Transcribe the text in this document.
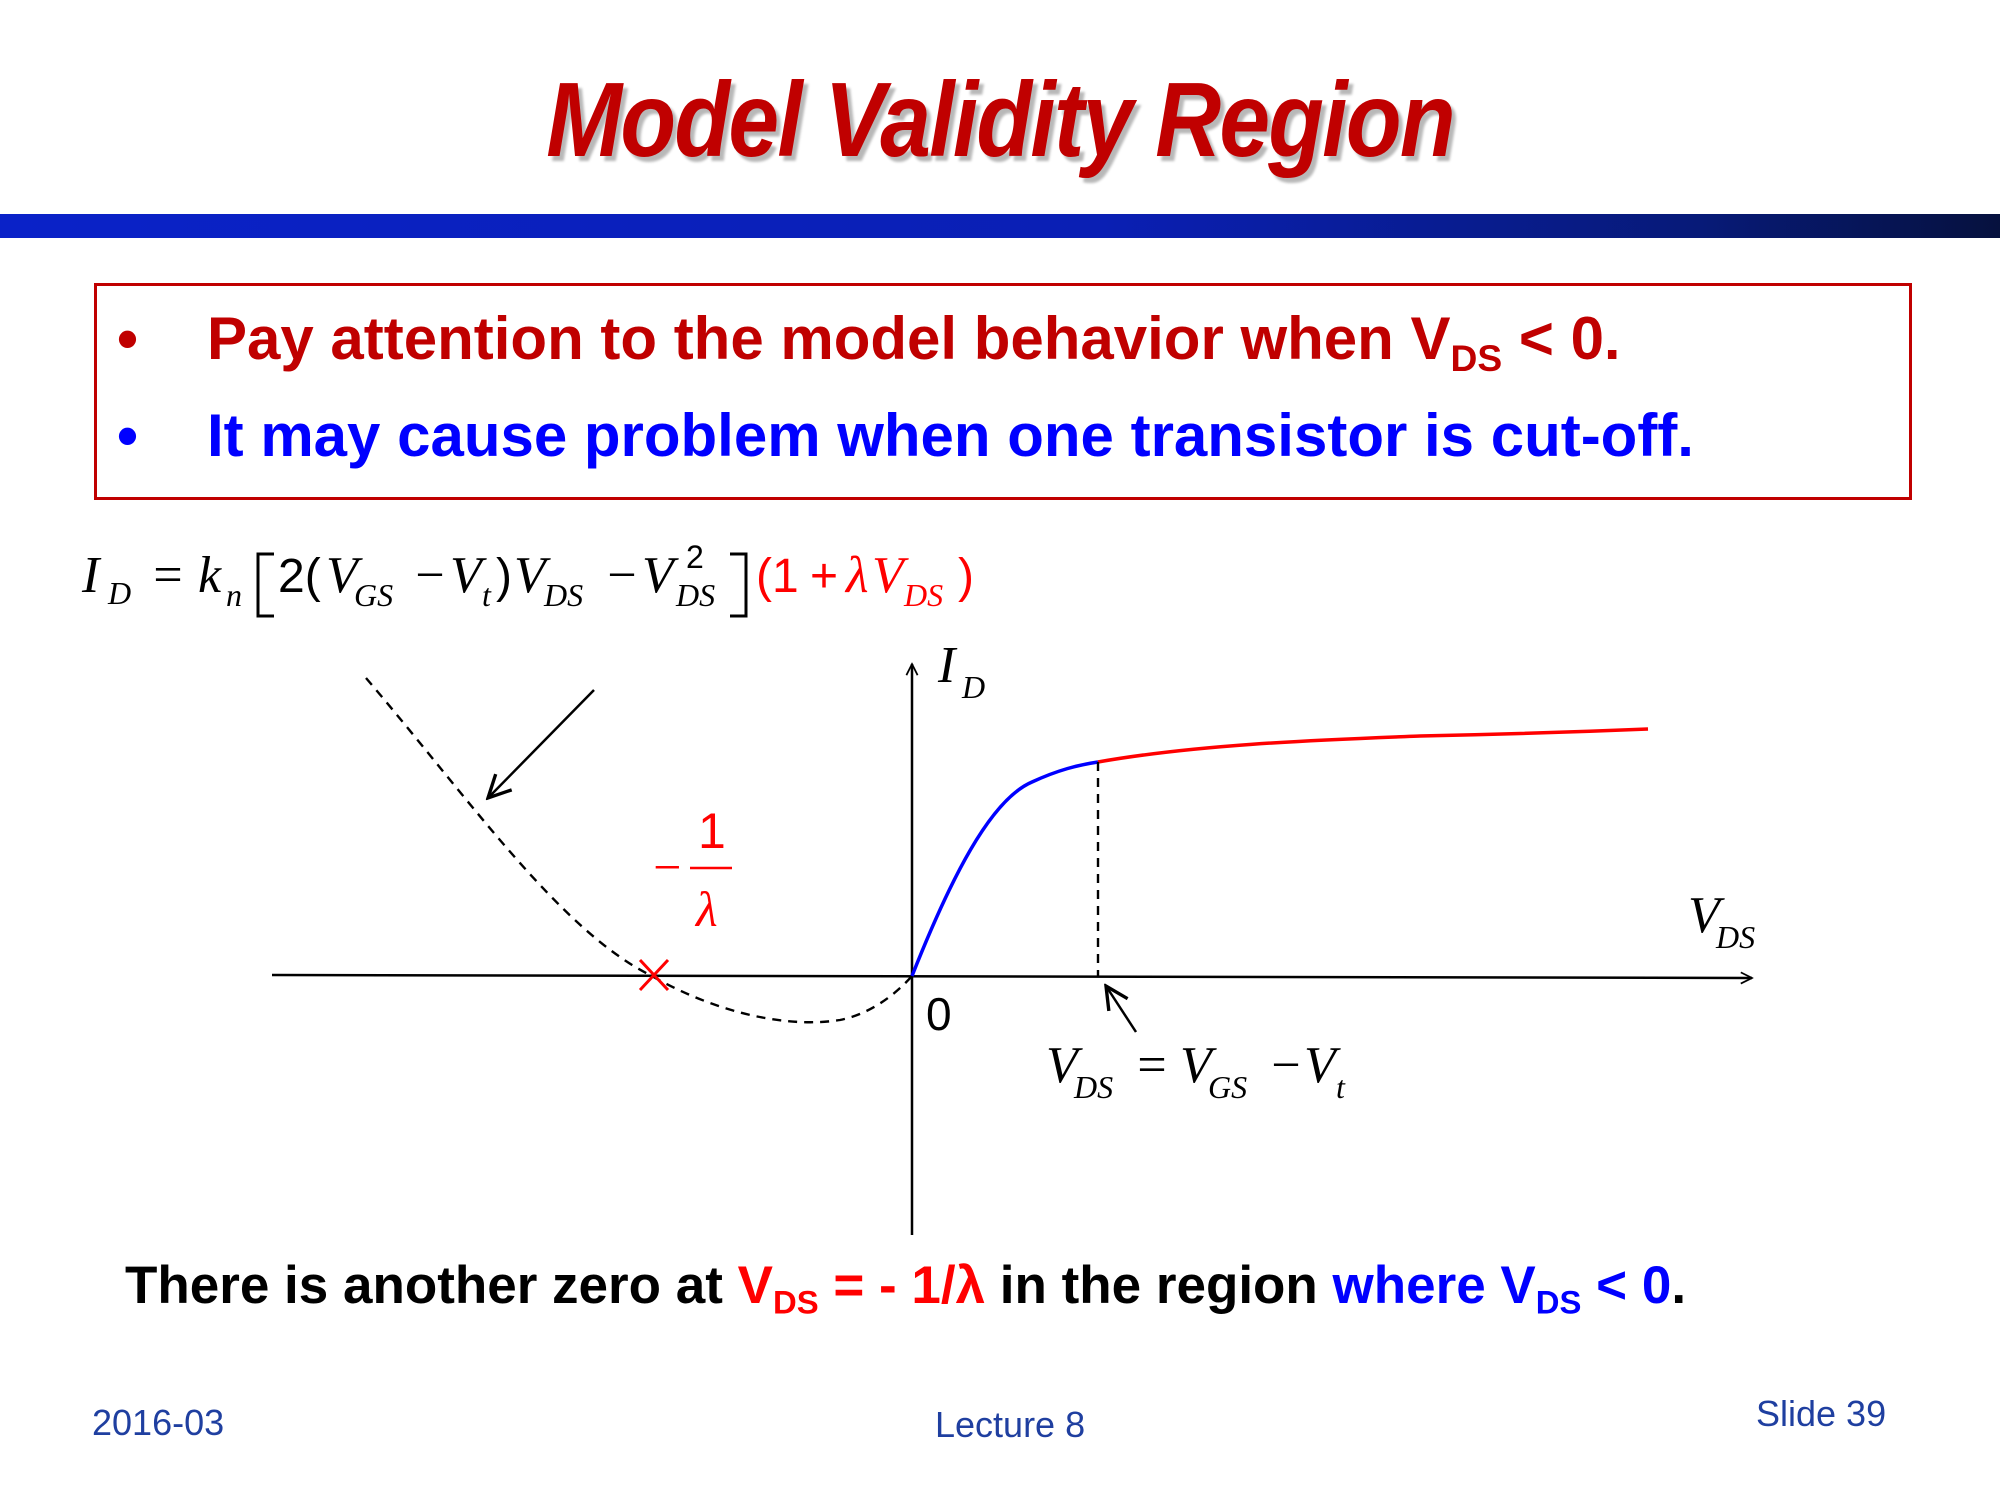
Model Validity Region
• Pay attention to the model behavior when $V_{DS} < 0$.
• It may cause problem when one transistor is cut-off.
I D = k n 2( V
GS − V t ) V
DS − V 2
DS (1 + λ V DS )
I D
V
DS
0
−
1
λ
V
DS = V
GS − V t
There is another zero at $V_{DS}$ = - 1/λ in the region where $V_{DS} < 0$.
2016-03	Lecture 8	Slide 39
